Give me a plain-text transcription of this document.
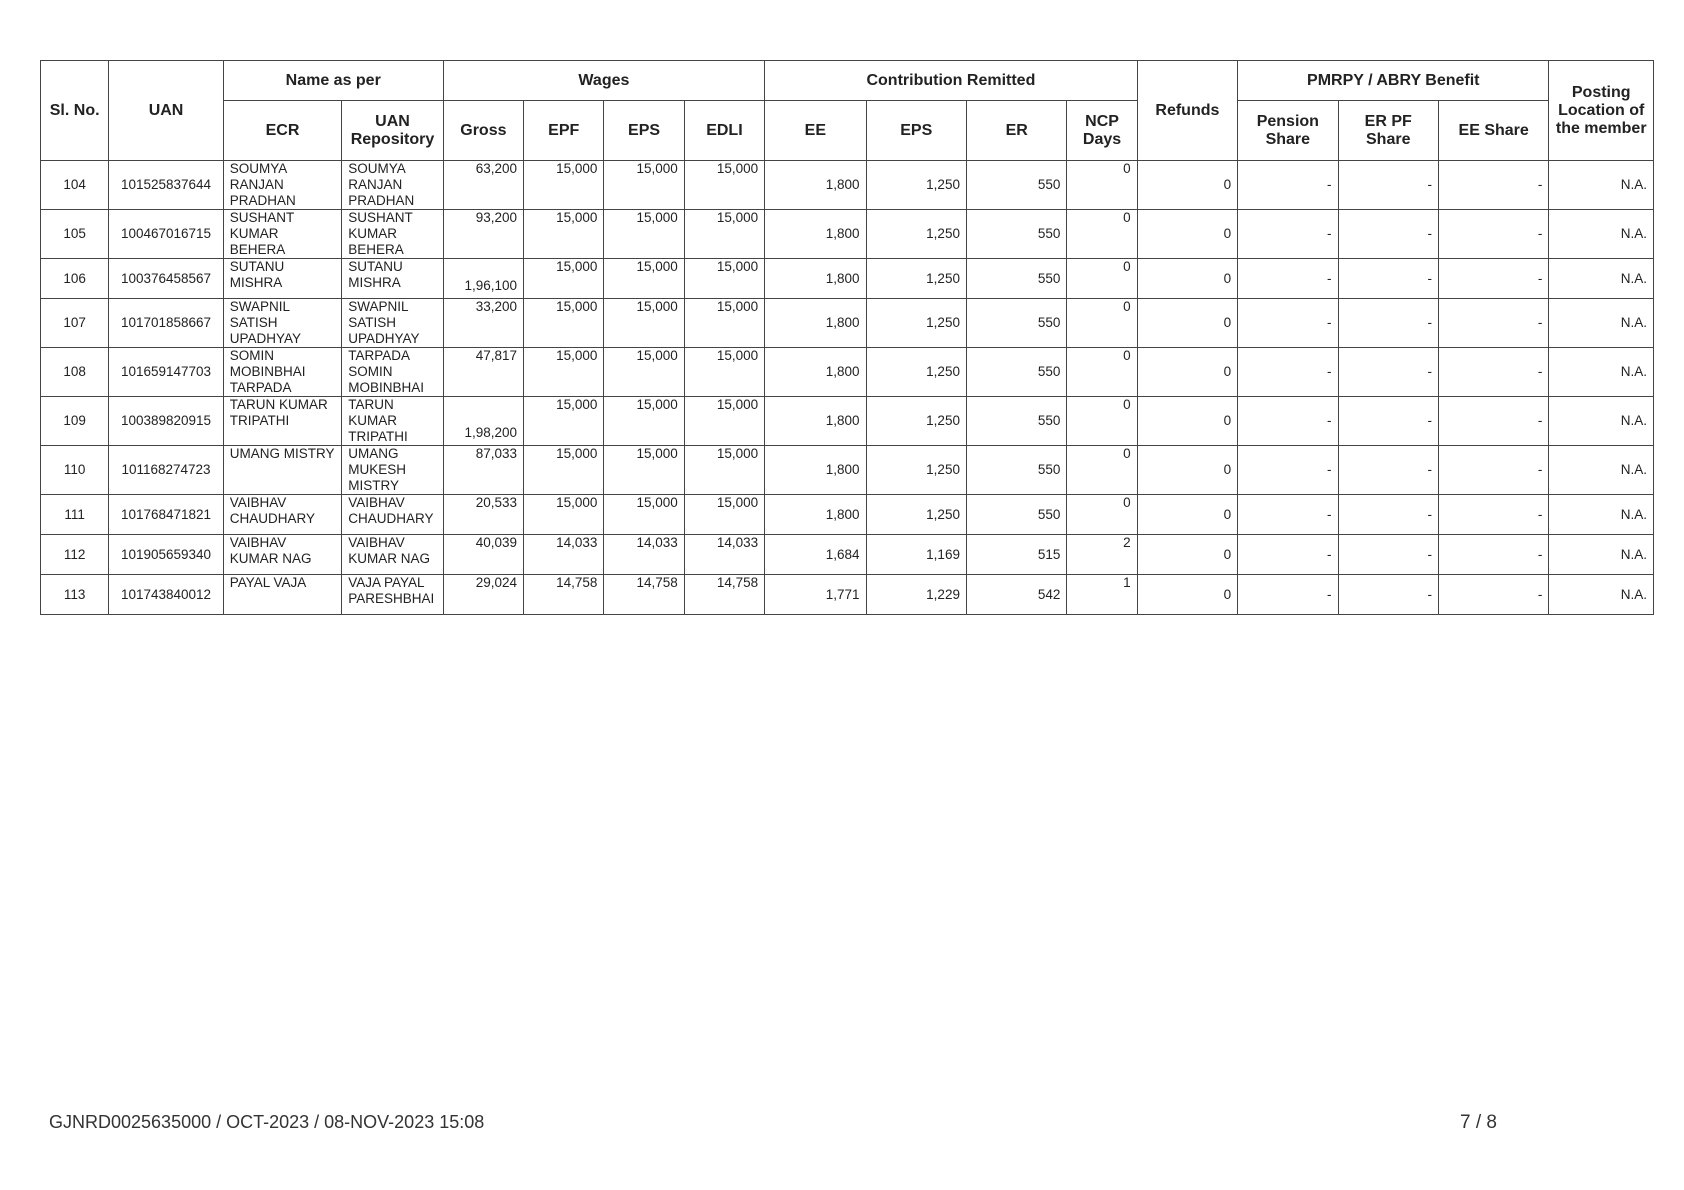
Sl. No.	UAN	Name as per		Wages				Contribution Remitted				Refunds	PMRPY / ABRY Benefit			Posting Location of the member
		ECR	UAN Repository	Gross	EPF	EPS	EDLI	EE	EPS	ER	NCP Days		Pension Share	ER PF Share	EE Share	
104	101525837644	SOUMYA RANJAN PRADHAN	SOUMYA RANJAN PRADHAN	63,200	15,000	15,000	15,000	1,800	1,250	550	0	0	-	-	-	N.A.
105	100467016715	SUSHANT KUMAR BEHERA	SUSHANT KUMAR BEHERA	93,200	15,000	15,000	15,000	1,800	1,250	550	0	0	-	-	-	N.A.
106	100376458567	SUTANU MISHRA	SUTANU MISHRA	1,96,100	15,000	15,000	15,000	1,800	1,250	550	0	0	-	-	-	N.A.
107	101701858667	SWAPNIL SATISH UPADHYAY	SWAPNIL SATISH UPADHYAY	33,200	15,000	15,000	15,000	1,800	1,250	550	0	0	-	-	-	N.A.
108	101659147703	SOMIN MOBINBHAI TARPADA	TARPADA SOMIN MOBINBHAI	47,817	15,000	15,000	15,000	1,800	1,250	550	0	0	-	-	-	N.A.
109	100389820915	TARUN KUMAR TRIPATHI	TARUN KUMAR TRIPATHI	1,98,200	15,000	15,000	15,000	1,800	1,250	550	0	0	-	-	-	N.A.
110	101168274723	UMANG MISTRY	UMANG MUKESH MISTRY	87,033	15,000	15,000	15,000	1,800	1,250	550	0	0	-	-	-	N.A.
111	101768471821	VAIBHAV CHAUDHARY	VAIBHAV CHAUDHARY	20,533	15,000	15,000	15,000	1,800	1,250	550	0	0	-	-	-	N.A.
112	101905659340	VAIBHAV KUMAR NAG	VAIBHAV KUMAR NAG	40,039	14,033	14,033	14,033	1,684	1,169	515	2	0	-	-	-	N.A.
113	101743840012	PAYAL VAJA	VAJA PAYAL PARESHBHAI	29,024	14,758	14,758	14,758	1,771	1,229	542	1	0	-	-	-	N.A.
GJNRD0025635000 / OCT-2023 / 08-NOV-2023 15:08	7 / 8
